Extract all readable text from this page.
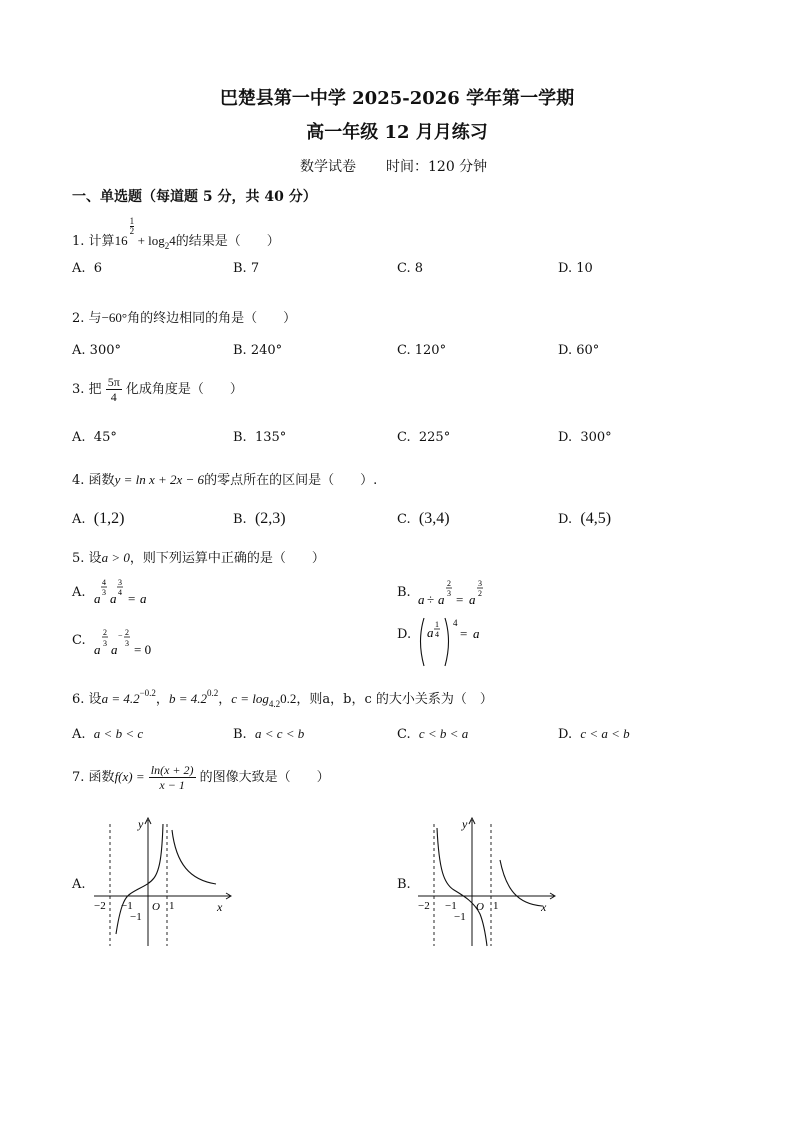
巴楚县第一中学 2025-2026 学年第一学期
高一年级 12 月月练习
数学试卷 时间：120 分钟
一、单选题（每道题 5 分，共 40 分）
1. 计算16
1
2
+ $\log_24$的结果是（　　）
A. 6	B. 7	C. 8	D. 10
2. 与−60°角的终边相同的角是（　　）
A. 300°	B. 240°	C. 120°	D. 60°
3. 把 $\frac{5\pi}{4}$ 化成角度是（　　）
A. 45°	B. 135°	C. 225°	D. 300°
4. 函数y = ln x + 2x − 6的零点所在的区间是（　　）.
A. (1,2)	B. (2,3)	C. (3,4)	D. (4,5)
5. 设a > 0，则下列运算中正确的是（　　）
A. a
4
3 a
3
4 = a	B. a ÷ a
2
3 = a
3
2
C.
a
2
3 a
− 2
3 = 0
D. a
1
4
4
= a
6. 设$a = 4.2^{-0.2}$，$b = 4.2^{0.2}$，$c = \log_{4.2}0.2$，则a，b，c 的大小关系为（　）
A. a < b < c	B. a < c < b	C. c < b < a	D. c < a < b
7. 函数$f(x) = \frac{\ln(x + 2)}{x - 1}$ 的图像大致是（　　）
A.
y
x
−2 −1 O 1
−1
B.
y
x
−2 −1 O 1
−1
